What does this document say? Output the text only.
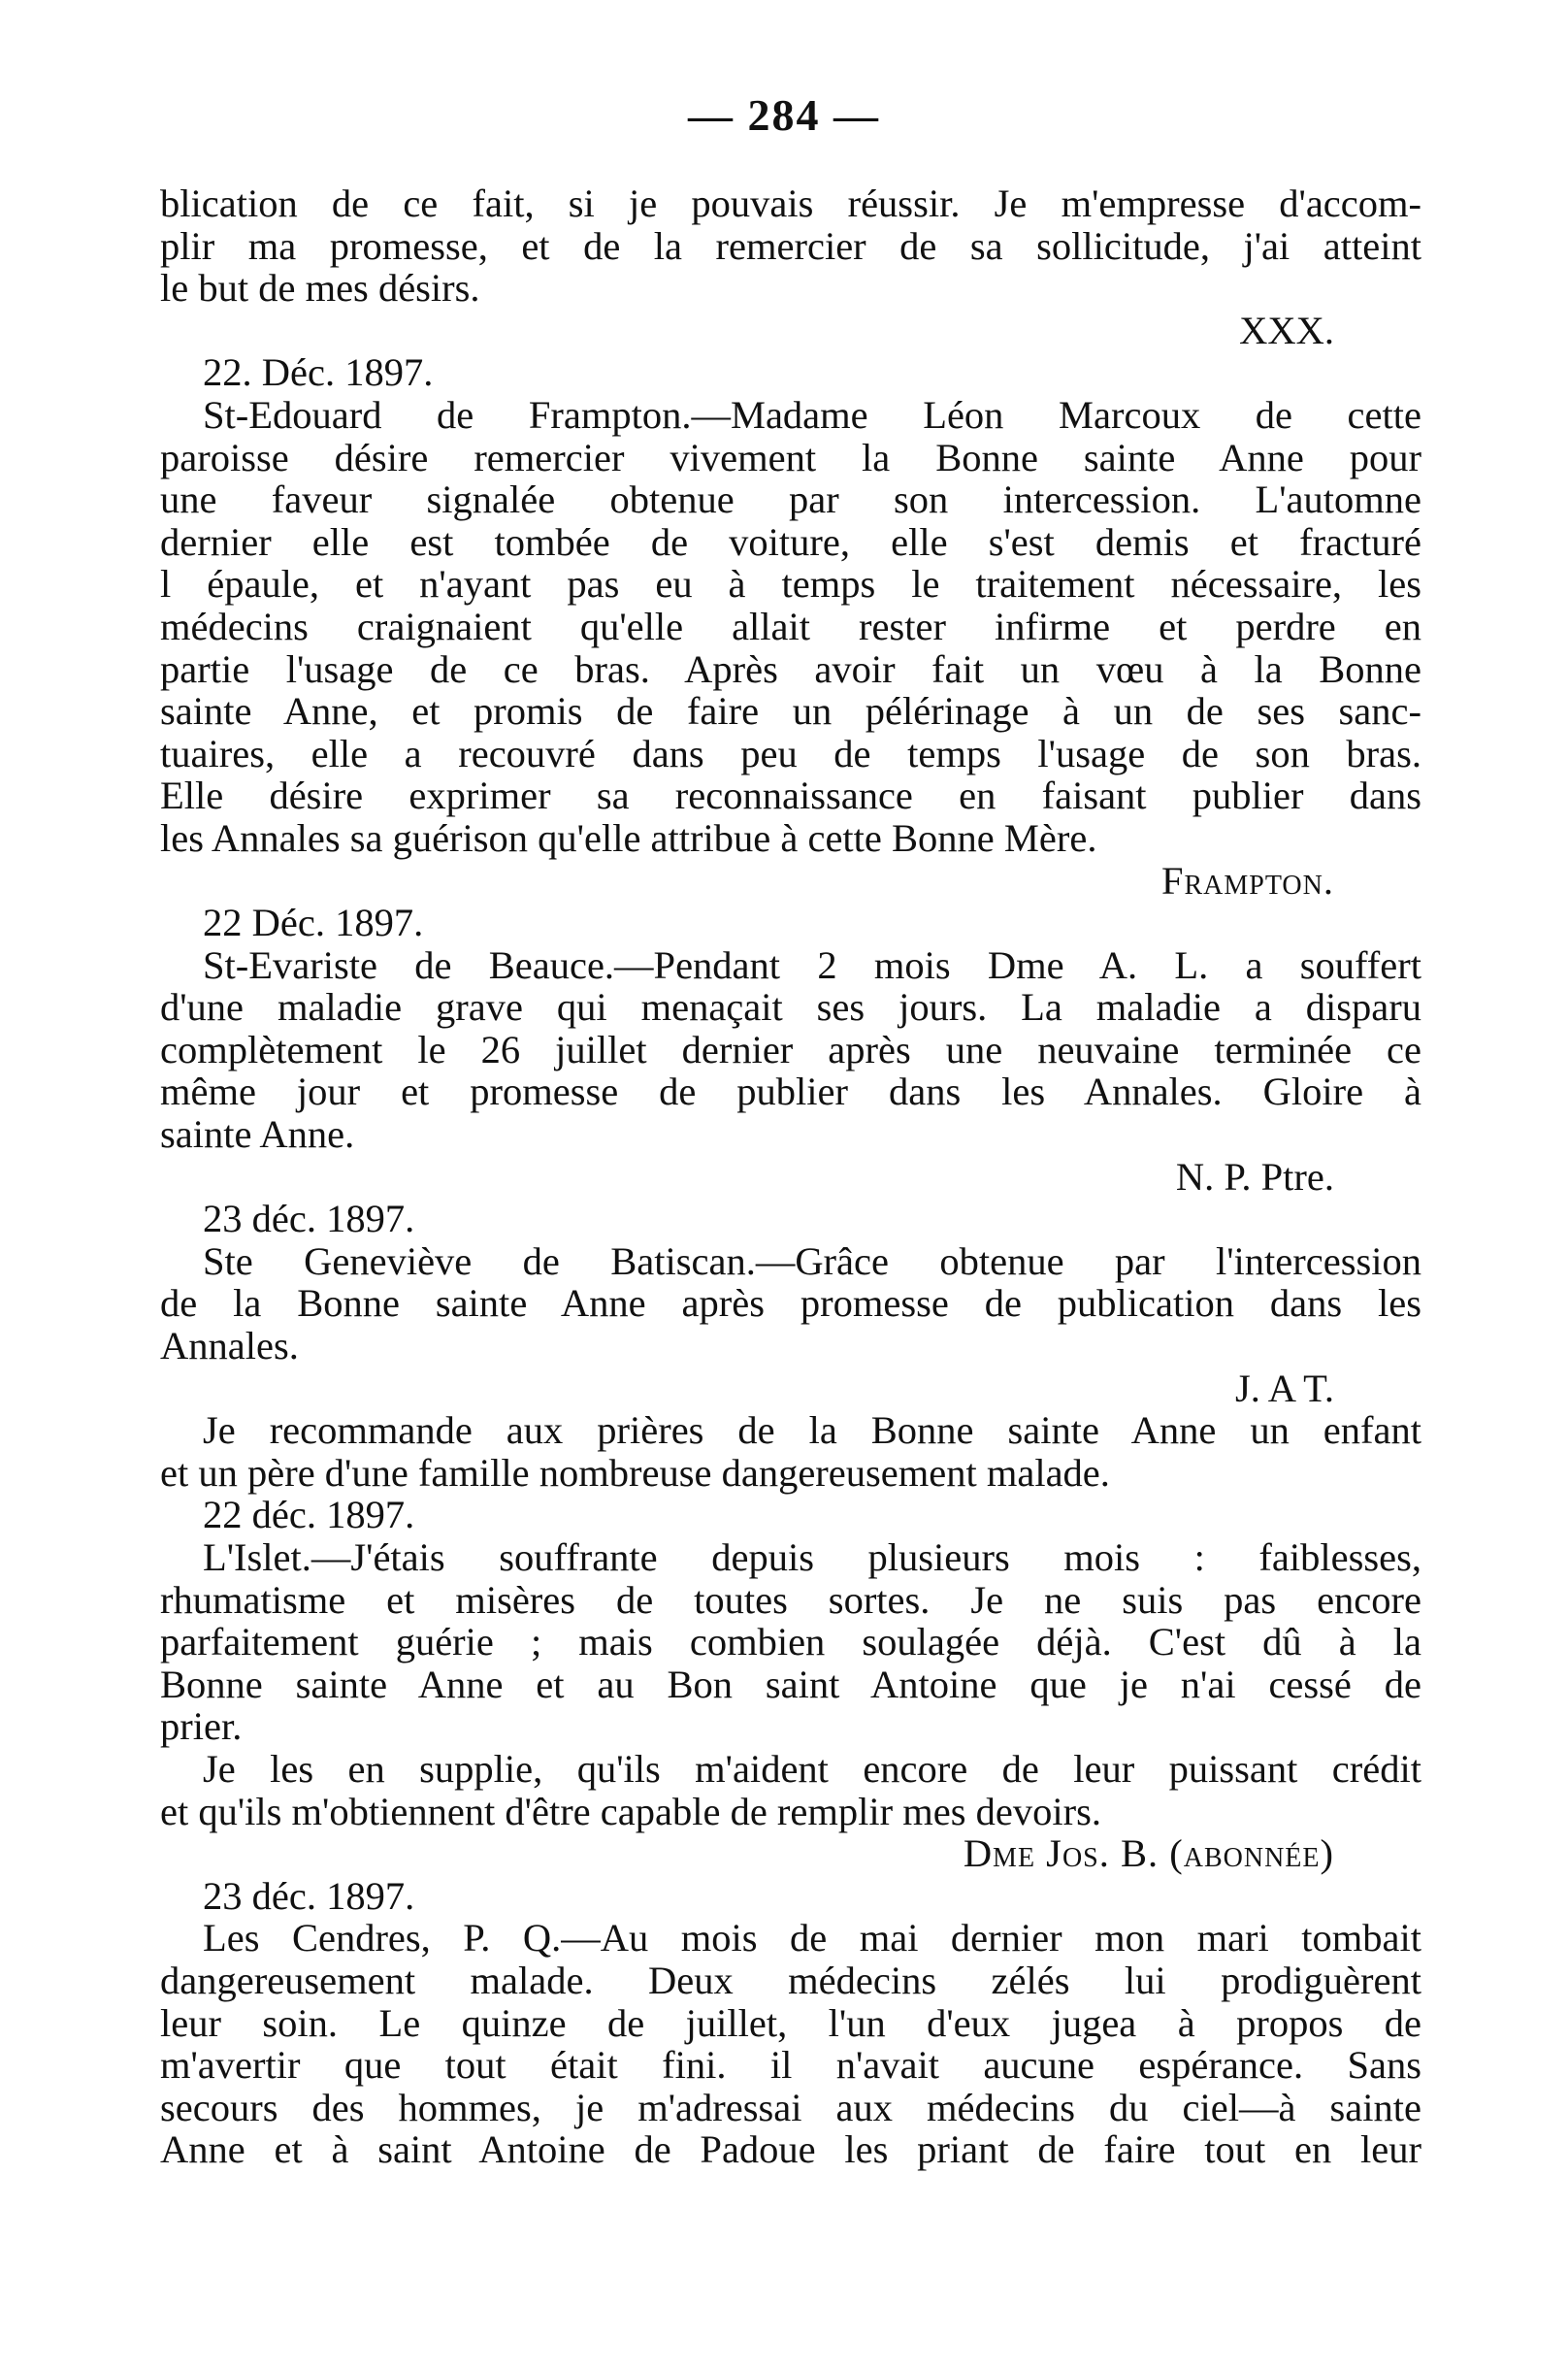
— 284 —
blication de ce fait, si je pouvais réussir. Je m'empresse d'accom-
plir ma promesse, et de la remercier de sa sollicitude, j'ai atteint
le but de mes désirs.
XXX.
22. Déc. 1897.
St-Edouard de Frampton.—Madame Léon Marcoux de cette
paroisse désire remercier vivement la Bonne sainte Anne pour
une faveur signalée obtenue par son intercession. L'automne
dernier elle est tombée de voiture, elle s'est demis et fracturé
l épaule, et n'ayant pas eu à temps le traitement nécessaire, les
médecins craignaient qu'elle allait rester infirme et perdre en
partie l'usage de ce bras. Après avoir fait un vœu à la Bonne
sainte Anne, et promis de faire un pélérinage à un de ses sanc-
tuaires, elle a recouvré dans peu de temps l'usage de son bras.
Elle désire exprimer sa reconnaissance en faisant publier dans
les Annales sa guérison qu'elle attribue à cette Bonne Mère.
Frampton.
22 Déc. 1897.
St-Evariste de Beauce.—Pendant 2 mois Dme A. L. a souffert
d'une maladie grave qui menaçait ses jours. La maladie a disparu
complètement le 26 juillet dernier après une neuvaine terminée ce
même jour et promesse de publier dans les Annales. Gloire à
sainte Anne.
N. P. Ptre.
23 déc. 1897.
Ste Geneviève de Batiscan.—Grâce obtenue par l'intercession
de la Bonne sainte Anne après promesse de publication dans les
Annales.
J. A T.
Je recommande aux prières de la Bonne sainte Anne un enfant
et un père d'une famille nombreuse dangereusement malade.
22 déc. 1897.
L'Islet.—J'étais souffrante depuis plusieurs mois : faiblesses,
rhumatisme et misères de toutes sortes. Je ne suis pas encore
parfaitement guérie ; mais combien soulagée déjà. C'est dû à la
Bonne sainte Anne et au Bon saint Antoine que je n'ai cessé de
prier.
Je les en supplie, qu'ils m'aident encore de leur puissant crédit
et qu'ils m'obtiennent d'être capable de remplir mes devoirs.
Dme Jos. B. (abonnée)
23 déc. 1897.
Les Cendres, P. Q.—Au mois de mai dernier mon mari tombait
dangereusement malade. Deux médecins zélés lui prodiguèrent
leur soin. Le quinze de juillet, l'un d'eux jugea à propos de
m'avertir que tout était fini. il n'avait aucune espérance. Sans
secours des hommes, je m'adressai aux médecins du ciel—à sainte
Anne et à saint Antoine de Padoue les priant de faire tout en leur
